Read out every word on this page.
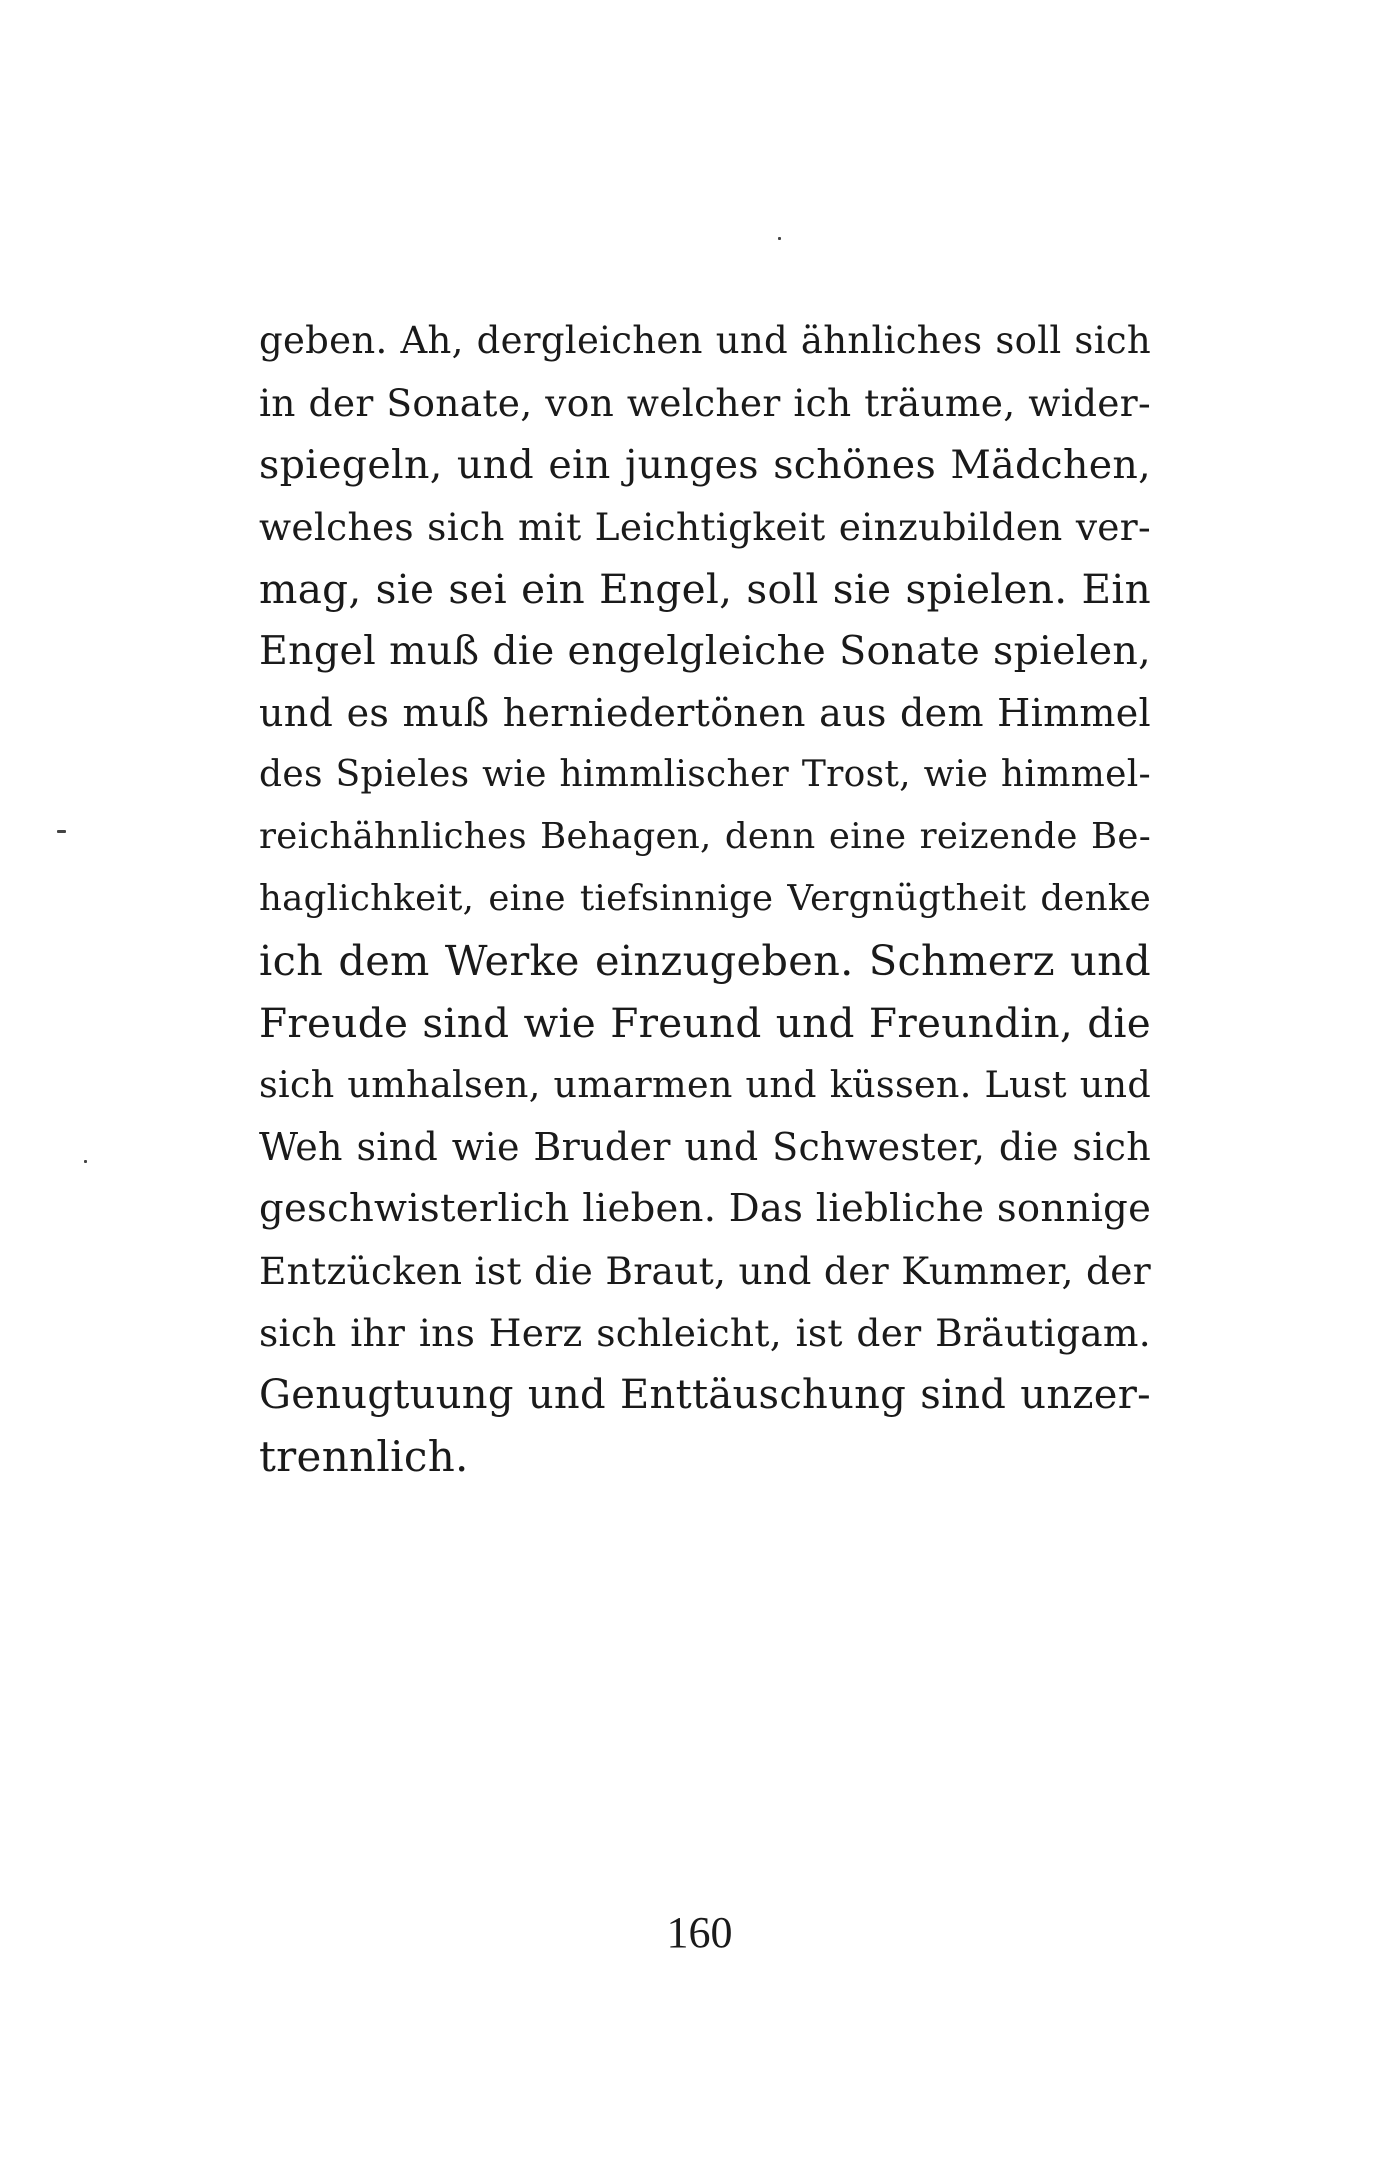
geben. Ah, dergleichen und ähnliches soll sich
in der Sonate, von welcher ich träume, wider-
spiegeln, und ein junges schönes Mädchen,
welches sich mit Leichtigkeit einzubilden ver-
mag, sie sei ein Engel, soll sie spielen. Ein
Engel muß die engelgleiche Sonate spielen,
und es muß herniedertönen aus dem Himmel
des Spieles wie himmlischer Trost, wie himmel-
reichähnliches Behagen, denn eine reizende Be-
haglichkeit, eine tiefsinnige Vergnügtheit denke
ich dem Werke einzugeben. Schmerz und
Freude sind wie Freund und Freundin, die
sich umhalsen, umarmen und küssen. Lust und
Weh sind wie Bruder und Schwester, die sich
geschwisterlich lieben. Das liebliche sonnige
Entzücken ist die Braut, und der Kummer, der
sich ihr ins Herz schleicht, ist der Bräutigam.
Genugtuung und Enttäuschung sind unzer-
trennlich.
160
